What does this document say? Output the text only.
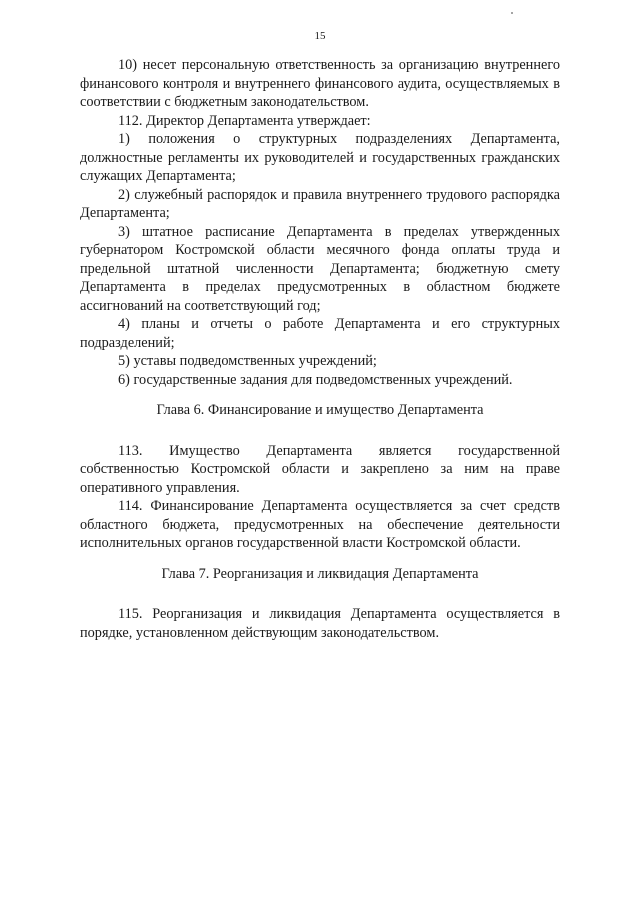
15

10) несет персональную ответственность за организацию внутреннего финансового контроля и внутреннего финансового аудита, осуществляемых в соответствии с бюджетным законодательством.

112. Директор Департамента утверждает:

1) положения о структурных подразделениях Департамента, должностные регламенты их руководителей и государственных гражданских служащих Департамента;

2) служебный распорядок и правила внутреннего трудового распорядка Департамента;

3) штатное расписание Департамента в пределах утвержденных губернатором Костромской области месячного фонда оплаты труда и предельной штатной численности Департамента; бюджетную смету Департамента в пределах предусмотренных в областном бюджете ассигнований на соответствующий год;

4) планы и отчеты о работе Департамента и его структурных подразделений;

5) уставы подведомственных учреждений;

6) государственные задания для подведомственных учреждений.

Глава 6. Финансирование и имущество Департамента

113. Имущество Департамента является государственной собственностью Костромской области и закреплено за ним на праве оперативного управления.

114. Финансирование Департамента осуществляется за счет средств областного бюджета, предусмотренных на обеспечение деятельности исполнительных органов государственной власти Костромской области.

Глава 7. Реорганизация и ликвидация Департамента

115. Реорганизация и ликвидация Департамента осуществляется в порядке, установленном действующим законодательством.
